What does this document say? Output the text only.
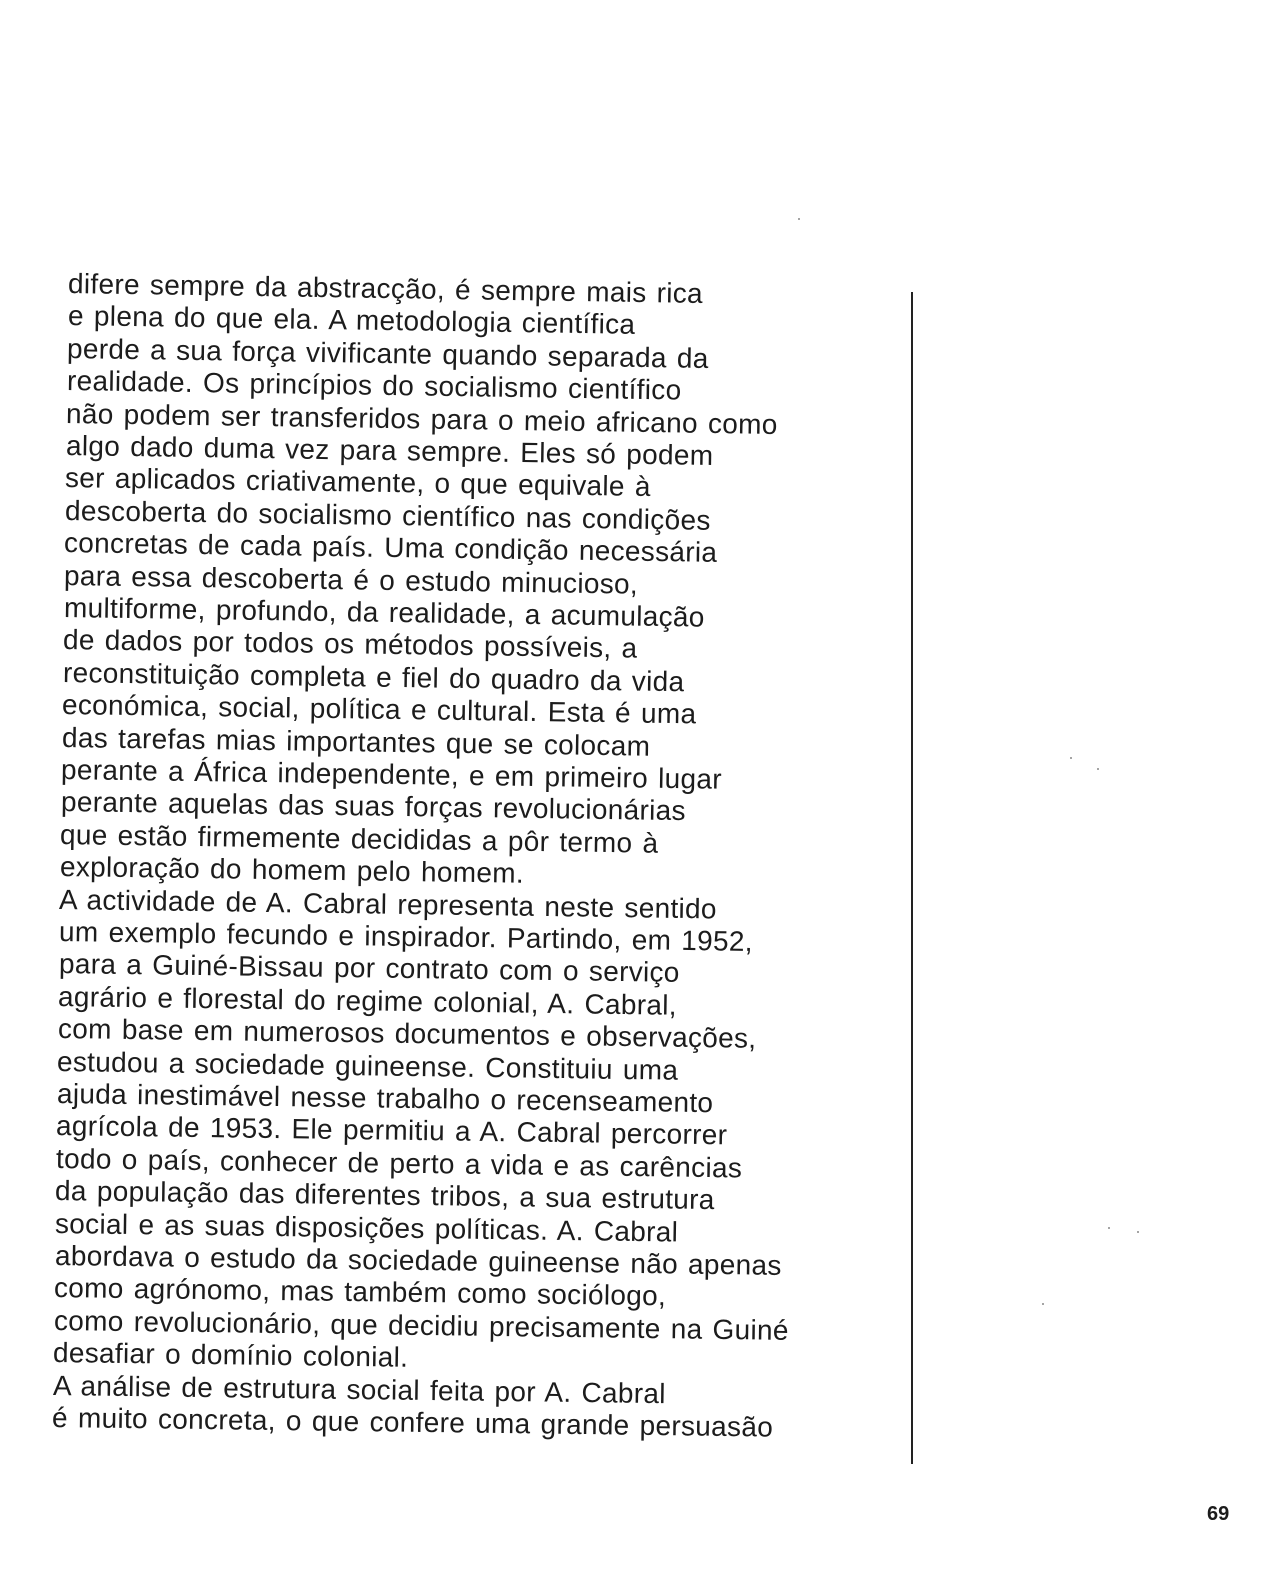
difere sempre da abstracção, é sempre mais rica
e plena do que ela. A metodologia científica
perde a sua força vivificante quando separada da
realidade. Os princípios do socialismo científico
não podem ser transferidos para o meio africano como
algo dado duma vez para sempre. Eles só podem
ser aplicados criativamente, o que equivale à
descoberta do socialismo científico nas condições
concretas de cada país. Uma condição necessária
para essa descoberta é o estudo minucioso,
multiforme, profundo, da realidade, a acumulação
de dados por todos os métodos possíveis, a
reconstituição completa e fiel do quadro da vida
económica, social, política e cultural. Esta é uma
das tarefas mias importantes que se colocam
perante a África independente, e em primeiro lugar
perante aquelas das suas forças revolucionárias
que estão firmemente decididas a pôr termo à
exploração do homem pelo homem.
A actividade de A. Cabral representa neste sentido
um exemplo fecundo e inspirador. Partindo, em 1952,
para a Guiné-Bissau por contrato com o serviço
agrário e florestal do regime colonial, A. Cabral,
com base em numerosos documentos e observações,
estudou a sociedade guineense. Constituiu uma
ajuda inestimável nesse trabalho o recenseamento
agrícola de 1953. Ele permitiu a A. Cabral percorrer
todo o país, conhecer de perto a vida e as carências
da população das diferentes tribos, a sua estrutura
social e as suas disposições políticas. A. Cabral
abordava o estudo da sociedade guineense não apenas
como agrónomo, mas também como sociólogo,
como revolucionário, que decidiu precisamente na Guiné
desafiar o domínio colonial.
A análise de estrutura social feita por A. Cabral
é muito concreta, o que confere uma grande persuasão
69
